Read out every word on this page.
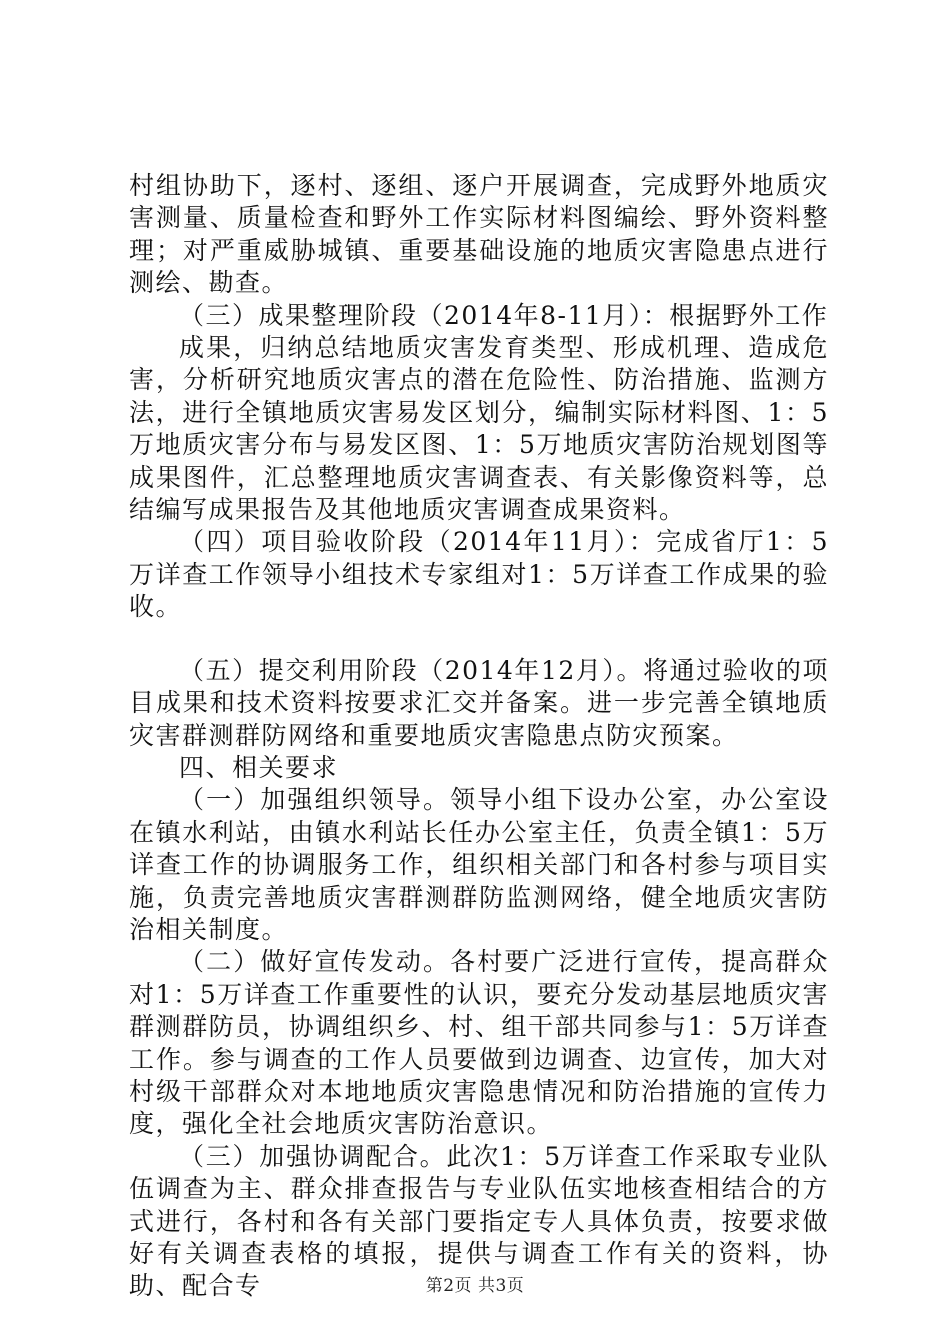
村组协助下，逐村、逐组、逐户开展调查，完成野外地质灾害测量、质量检查和野外工作实际材料图编绘、野外资料整理；对严重威胁城镇、重要基础设施的地质灾害隐患点进行测绘、勘查。

（三）成果整理阶段（2014年8-11月）：根据野外工作

成果，归纳总结地质灾害发育类型、形成机理、造成危害，分析研究地质灾害点的潜在危险性、防治措施、监测方法，进行全镇地质灾害易发区划分，编制实际材料图、1：5万地质灾害分布与易发区图、1：5万地质灾害防治规划图等成果图件，汇总整理地质灾害调查表、有关影像资料等，总结编写成果报告及其他地质灾害调查成果资料。

（四）项目验收阶段（2014年11月）：完成省厅1：5万详查工作领导小组技术专家组对1：5万详查工作成果的验收。

（五）提交利用阶段（2014年12月）。将通过验收的项目成果和技术资料按要求汇交并备案。进一步完善全镇地质灾害群测群防网络和重要地质灾害隐患点防灾预案。

四、相关要求

（一）加强组织领导。领导小组下设办公室，办公室设在镇水利站，由镇水利站长任办公室主任，负责全镇1：5万详查工作的协调服务工作，组织相关部门和各村参与项目实施，负责完善地质灾害群测群防监测网络，健全地质灾害防治相关制度。

（二）做好宣传发动。各村要广泛进行宣传，提高群众对1：5万详查工作重要性的认识，要充分发动基层地质灾害群测群防员，协调组织乡、村、组干部共同参与1：5万详查工作。参与调查的工作人员要做到边调查、边宣传，加大对村级干部群众对本地地质灾害隐患情况和防治措施的宣传力度，强化全社会地质灾害防治意识。

（三）加强协调配合。此次1：5万详查工作采取专业队伍调查为主、群众排查报告与专业队伍实地核查相结合的方式进行，各村和各有关部门要指定专人具体负责，按要求做好有关调查表格的填报，提供与调查工作有关的资料，协助、配合专	第2页 共3页
